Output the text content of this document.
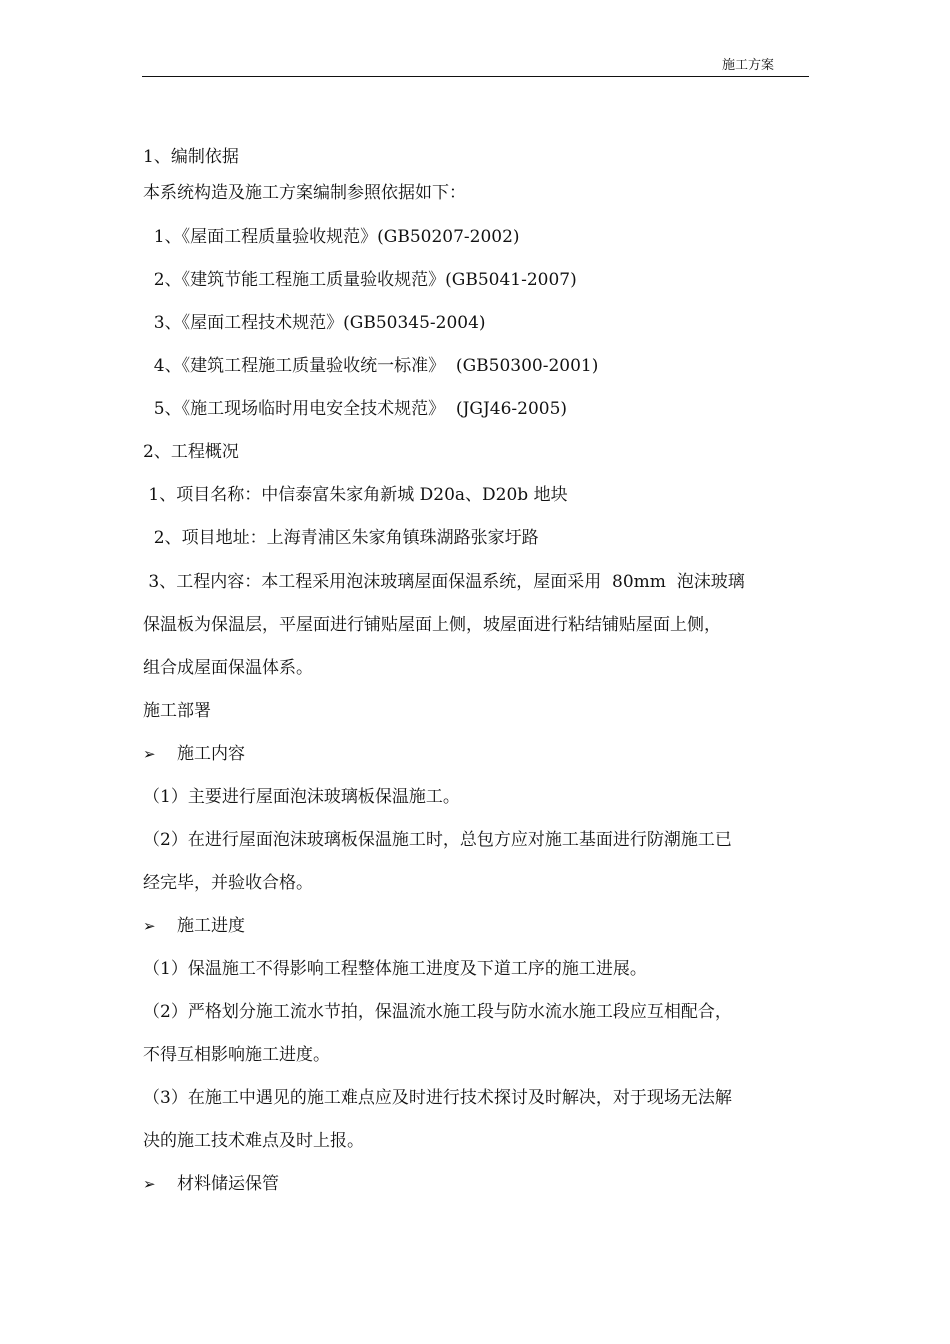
施工方案
1、编制依据
本系统构造及施工方案编制参照依据如下：
1、《屋面工程质量验收规范》(GB50207-2002)
2、《建筑节能工程施工质量验收规范》(GB5041-2007)
3、《屋面工程技术规范》(GB50345-2004)
4、《建筑工程施工质量验收统一标准》  (GB50300-2001)
5、《施工现场临时用电安全技术规范》  (JGJ46-2005)
2、工程概况
1、项目名称：中信泰富朱家角新城 D20a、D20b 地块
2、项目地址：上海青浦区朱家角镇珠湖路张家圩路
3、工程内容：本工程采用泡沫玻璃屋面保温系统，屋面采用  80mm  泡沫玻璃
保温板为保温层，平屋面进行铺贴屋面上侧，坡屋面进行粘结铺贴屋面上侧，
组合成屋面保温体系。
施工部署
➢ 施工内容
（1）主要进行屋面泡沫玻璃板保温施工。
（2）在进行屋面泡沫玻璃板保温施工时，总包方应对施工基面进行防潮施工已
经完毕，并验收合格。
➢ 施工进度
（1）保温施工不得影响工程整体施工进度及下道工序的施工进展。
（2）严格划分施工流水节拍，保温流水施工段与防水流水施工段应互相配合，
不得互相影响施工进度。
（3）在施工中遇见的施工难点应及时进行技术探讨及时解决，对于现场无法解
决的施工技术难点及时上报。
➢ 材料储运保管
